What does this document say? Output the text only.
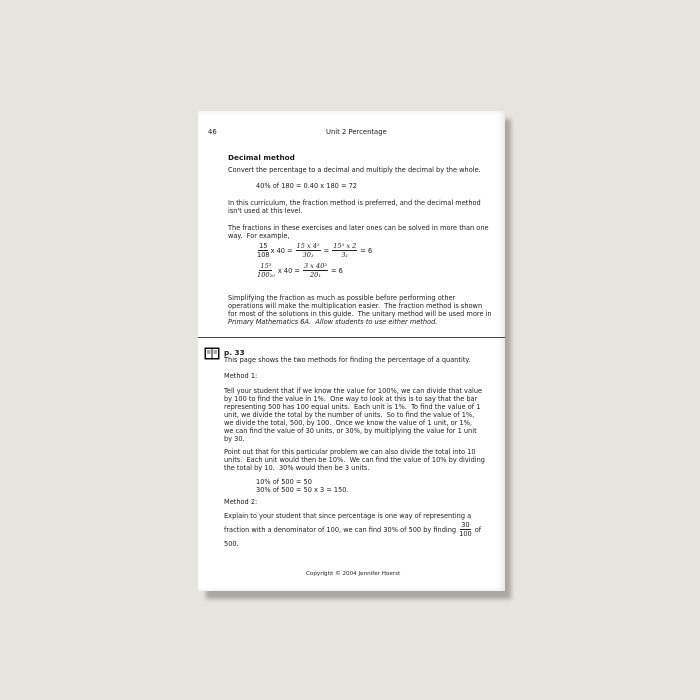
46	Unit 2 Percentage
Decimal method
Convert the percentage to a decimal and multiply the decimal by the whole.
40% of 180 = 0.40 x 180 = 72
In this curriculum, the fraction method is preferred, and the decimal method
isn't used at this level.
The fractions in these exercises and later ones can be solved in more than one
way.  For example,
$\frac{15}{108}$ x $40 = \frac{\text{15 x 4²}}{\text{30₃}} = \frac{\text{15⁵ x 2}}{\text{3₁}} = 6$
$\frac{\text{15³}}{\text{100₂₀}}$ x $40 = \frac{\text{3 x 40²}}{\text{20₁}} = 6$
Simplifying the fraction as much as possible before performing other
operations will make the multiplication easier.  The fraction method is shown
for most of the solutions in this guide.  The unitary method will be used more in
Primary Mathematics 6A.  Allow students to use either method.
p. 33
This page shows the two methods for finding the percentage of a quantity.
Method 1:
Tell your student that if we know the value for 100%, we can divide that value
by 100 to find the value in 1%.  One way to look at this is to say that the bar
representing 500 has 100 equal units.  Each unit is 1%.  To find the value of 1
unit, we divide the total by the number of units.  So to find the value of 1%,
we divide the total, 500, by 100.  Once we know the value of 1 unit, or 1%,
we can find the value of 30 units, or 30%, by multiplying the value for 1 unit
by 30.
Point out that for this particular problem we can also divide the total into 10
units.  Each unit would then be 10%.  We can find the value of 10% by dividing
the total by 10.  30% would then be 3 units.
10% of 500 = 50
30% of 500 = 50 x 3 = 150.
Method 2:
Explain to your student that since percentage is one way of representing a
fraction with a denominator of 100, we can find 30% of 500 by finding $\frac{30}{100}$ of
500.
Copyright © 2004 Jennifer Hoerst
